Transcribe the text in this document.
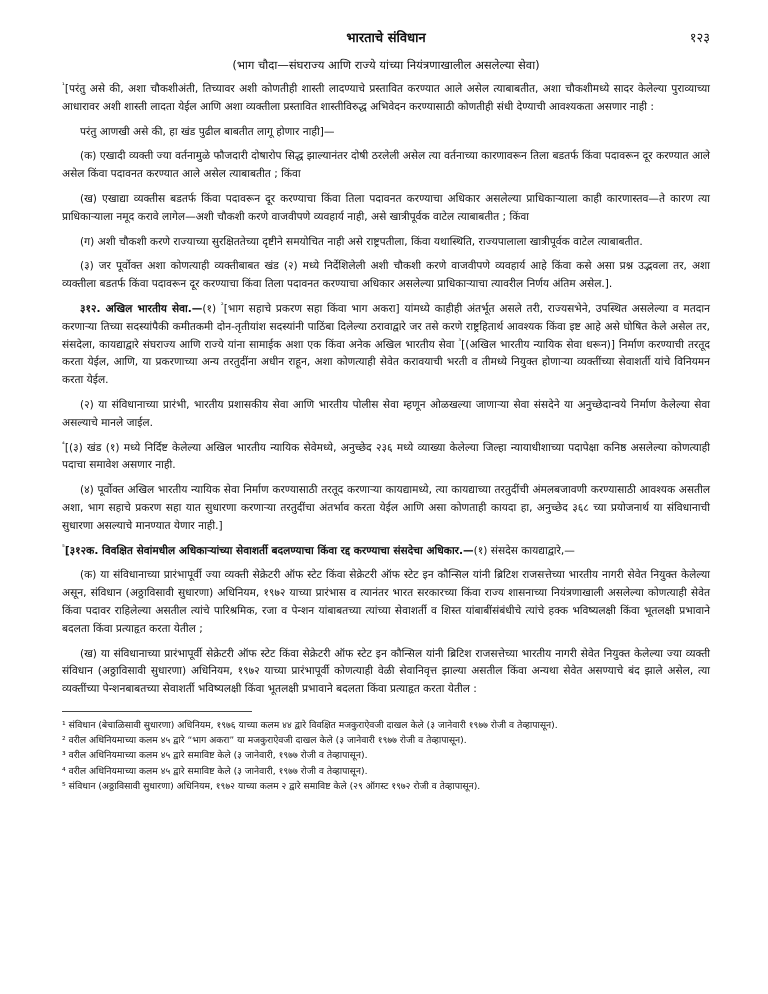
भारताचे संविधान	१२३
(भाग चौदा—संघराज्य आणि राज्ये यांच्या नियंत्रणाखालील असलेल्या सेवा)

$^{^1}$[परंतु असे की, अशा चौकशीअंती, तिच्यावर अशी कोणतीही शास्ती लादण्याचे प्रस्तावित करण्यात आले असेल त्याबाबतीत, अशा चौकशीमध्ये सादर केलेल्या पुराव्याच्या आधारावर अशी शास्ती लादता येईल आणि अशा व्यक्तीला प्रस्तावित शास्तीविरुद्ध अभिवेदन करण्यासाठी कोणतीही संधी देण्याची आवश्यकता असणार नाही :

परंतु आणखी असे की, हा खंड पुढील बाबतीत लागू होणार नाही]—

(क) एखादी व्यक्ती ज्या वर्तनामुळे फौजदारी दोषारोप सिद्ध झाल्यानंतर दोषी ठरलेली असेल त्या वर्तनाच्या कारणावरून तिला बडतर्फ किंवा पदावरून दूर करण्यात आले असेल किंवा पदावनत करण्यात आले असेल त्याबाबतीत ; किंवा

(ख) एखाद्या व्यक्तीस बडतर्फ किंवा पदावरून दूर करण्याचा किंवा तिला पदावनत करण्याचा अधिकार असलेल्या प्राधिकाऱ्याला काही कारणास्तव—ते कारण त्या प्राधिकाऱ्याला नमूद करावे लागेल—अशी चौकशी करणे वाजवीपणे व्यवहार्य नाही, असे खात्रीपूर्वक वाटेल त्याबाबतीत ; किंवा

(ग) अशी चौकशी करणे राज्याच्या सुरक्षिततेच्या दृष्टीने समयोचित नाही असे राष्ट्रपतीला, किंवा यथास्थिति, राज्यपालाला खात्रीपूर्वक वाटेल त्याबाबतीत.

(३) जर पूर्वोक्त अशा कोणत्याही व्यक्तीबाबत खंड (२) मध्ये निर्देशिलेली अशी चौकशी करणे वाजवीपणे व्यवहार्य आहे किंवा कसे असा प्रश्न उद्भवला तर, अशा व्यक्तीला बडतर्फ किंवा पदावरून दूर करण्याचा किंवा तिला पदावनत करण्याचा अधिकार असलेल्या प्राधिकाऱ्याचा त्यावरील निर्णय अंतिम असेल.].

३१२. अखिल भारतीय सेवा.—(१) $^{^2}$[भाग सहाचे प्रकरण सहा किंवा भाग अकरा] यांमध्ये काहीही अंतर्भूत असले तरी, राज्यसभेने, उपस्थित असलेल्या व मतदान करणाऱ्या तिच्या सदस्यांपैकी कमीतकमी दोन-तृतीयांश सदस्यांनी पाठिंबा दिलेल्या ठरावाद्वारे जर तसे करणे राष्ट्रहितार्थ आवश्यक किंवा इष्ट आहे असे घोषित केले असेल तर, संसदेला, कायद्याद्वारे संघराज्य आणि राज्ये यांना सामाईक अशा एक किंवा अनेक अखिल भारतीय सेवा $^{^3}$[(अखिल भारतीय न्यायिक सेवा धरून)] निर्माण करण्याची तरतूद करता येईल, आणि, या प्रकरणाच्या अन्य तरतुदींना अधीन राहून, अशा कोणत्याही सेवेत करावयाची भरती व तीमध्ये नियुक्त होणाऱ्या व्यक्तींच्या सेवाशर्ती यांचे विनियमन करता येईल.

(२) या संविधानाच्या प्रारंभी, भारतीय प्रशासकीय सेवा आणि भारतीय पोलीस सेवा म्हणून ओळखल्या जाणाऱ्या सेवा संसदेने या अनुच्छेदान्वये निर्माण केलेल्या सेवा असल्याचे मानले जाईल.

$^{^4}$[(३) खंड (१) मध्ये निर्दिष्ट केलेल्या अखिल भारतीय न्यायिक सेवेमध्ये, अनुच्छेद २३६ मध्ये व्याख्या केलेल्या जिल्हा न्यायाधीशाच्या पदापेक्षा कनिष्ठ असलेल्या कोणत्याही पदाचा समावेश असणार नाही.

(४) पूर्वोक्त अखिल भारतीय न्यायिक सेवा निर्माण करण्यासाठी तरतूद करणाऱ्या कायद्यामध्ये, त्या कायद्याच्या तरतुदींची अंमलबजावणी करण्यासाठी आवश्यक असतील अशा, भाग सहाचे प्रकरण सहा यात सुधारणा करणाऱ्या तरतुदींचा अंतर्भाव करता येईल आणि असा कोणताही कायदा हा, अनुच्छेद ३६८ च्या प्रयोजनार्थ या संविधानाची सुधारणा असल्याचे मानण्यात येणार नाही.]

$^{^5}$[३१२क. विवक्षित सेवांमधील अधिकाऱ्यांच्या सेवाशर्ती बदलण्याचा किंवा रद्द करण्याचा संसदेचा अधिकार.—(१) संसदेस कायद्याद्वारे,—

(क) या संविधानाच्या प्रारंभापूर्वी ज्या व्यक्ती सेक्रेटरी ऑफ स्टेट किंवा सेक्रेटरी ऑफ स्टेट इन कौन्सिल यांनी ब्रिटिश राजसत्तेच्या भारतीय नागरी सेवेत नियुक्त केलेल्या असून, संविधान (अठ्ठाविसावी सुधारणा) अधिनियम, १९७२ याच्या प्रारंभास व त्यानंतर भारत सरकारच्या किंवा राज्य शासनाच्या नियंत्रणाखाली असलेल्या कोणत्याही सेवेत किंवा पदावर राहिलेल्या असतील त्यांचे पारिश्रमिक, रजा व पेन्शन यांबाबतच्या त्यांच्या सेवाशर्ती व शिस्त यांबाबींसंबंधीचे त्यांचे हक्क भविष्यलक्षी किंवा भूतलक्षी प्रभावाने बदलता किंवा प्रत्याहृत करता येतील ;

(ख) या संविधानाच्या प्रारंभापूर्वी सेक्रेटरी ऑफ स्टेट किंवा सेक्रेटरी ऑफ स्टेट इन कौन्सिल यांनी ब्रिटिश राजसत्तेच्या भारतीय नागरी सेवेत नियुक्त केलेल्या ज्या व्यक्ती संविधान (अठ्ठाविसावी सुधारणा) अधिनियम, १९७२ याच्या प्रारंभापूर्वी कोणत्याही वेळी सेवानिवृत्त झाल्या असतील किंवा अन्यथा सेवेत असण्याचे बंद झाले असेल, त्या व्यक्तींच्या पेन्शनबाबतच्या सेवाशर्ती भविष्यलक्षी किंवा भूतलक्षी प्रभावाने बदलता किंवा प्रत्याहृत करता येतील :

¹ संविधान (बेचाळिसावी सुधारणा) अधिनियम, १९७६ याच्या कलम ४४ द्वारे विवक्षित मजकुराऐवजी दाखल केले (३ जानेवारी १९७७ रोजी व तेव्हापासून).

² वरील अधिनियमाच्या कलम ४५ द्वारे “भाग अकरा” या मजकुराऐवजी दाखल केले (३ जानेवारी १९७७ रोजी व तेव्हापासून).

³ वरील अधिनियमाच्या कलम ४५ द्वारे समाविष्ट केले (३ जानेवारी, १९७७ रोजी व तेव्हापासून).

⁴ वरील अधिनियमाच्या कलम ४५ द्वारे समाविष्ट केले (३ जानेवारी, १९७७ रोजी व तेव्हापासून).

⁵ संविधान (अठ्ठाविसावी सुधारणा) अधिनियम, १९७२ याच्या कलम २ द्वारे समाविष्ट केले (२९ ऑगस्ट १९७२ रोजी व तेव्हापासून).
